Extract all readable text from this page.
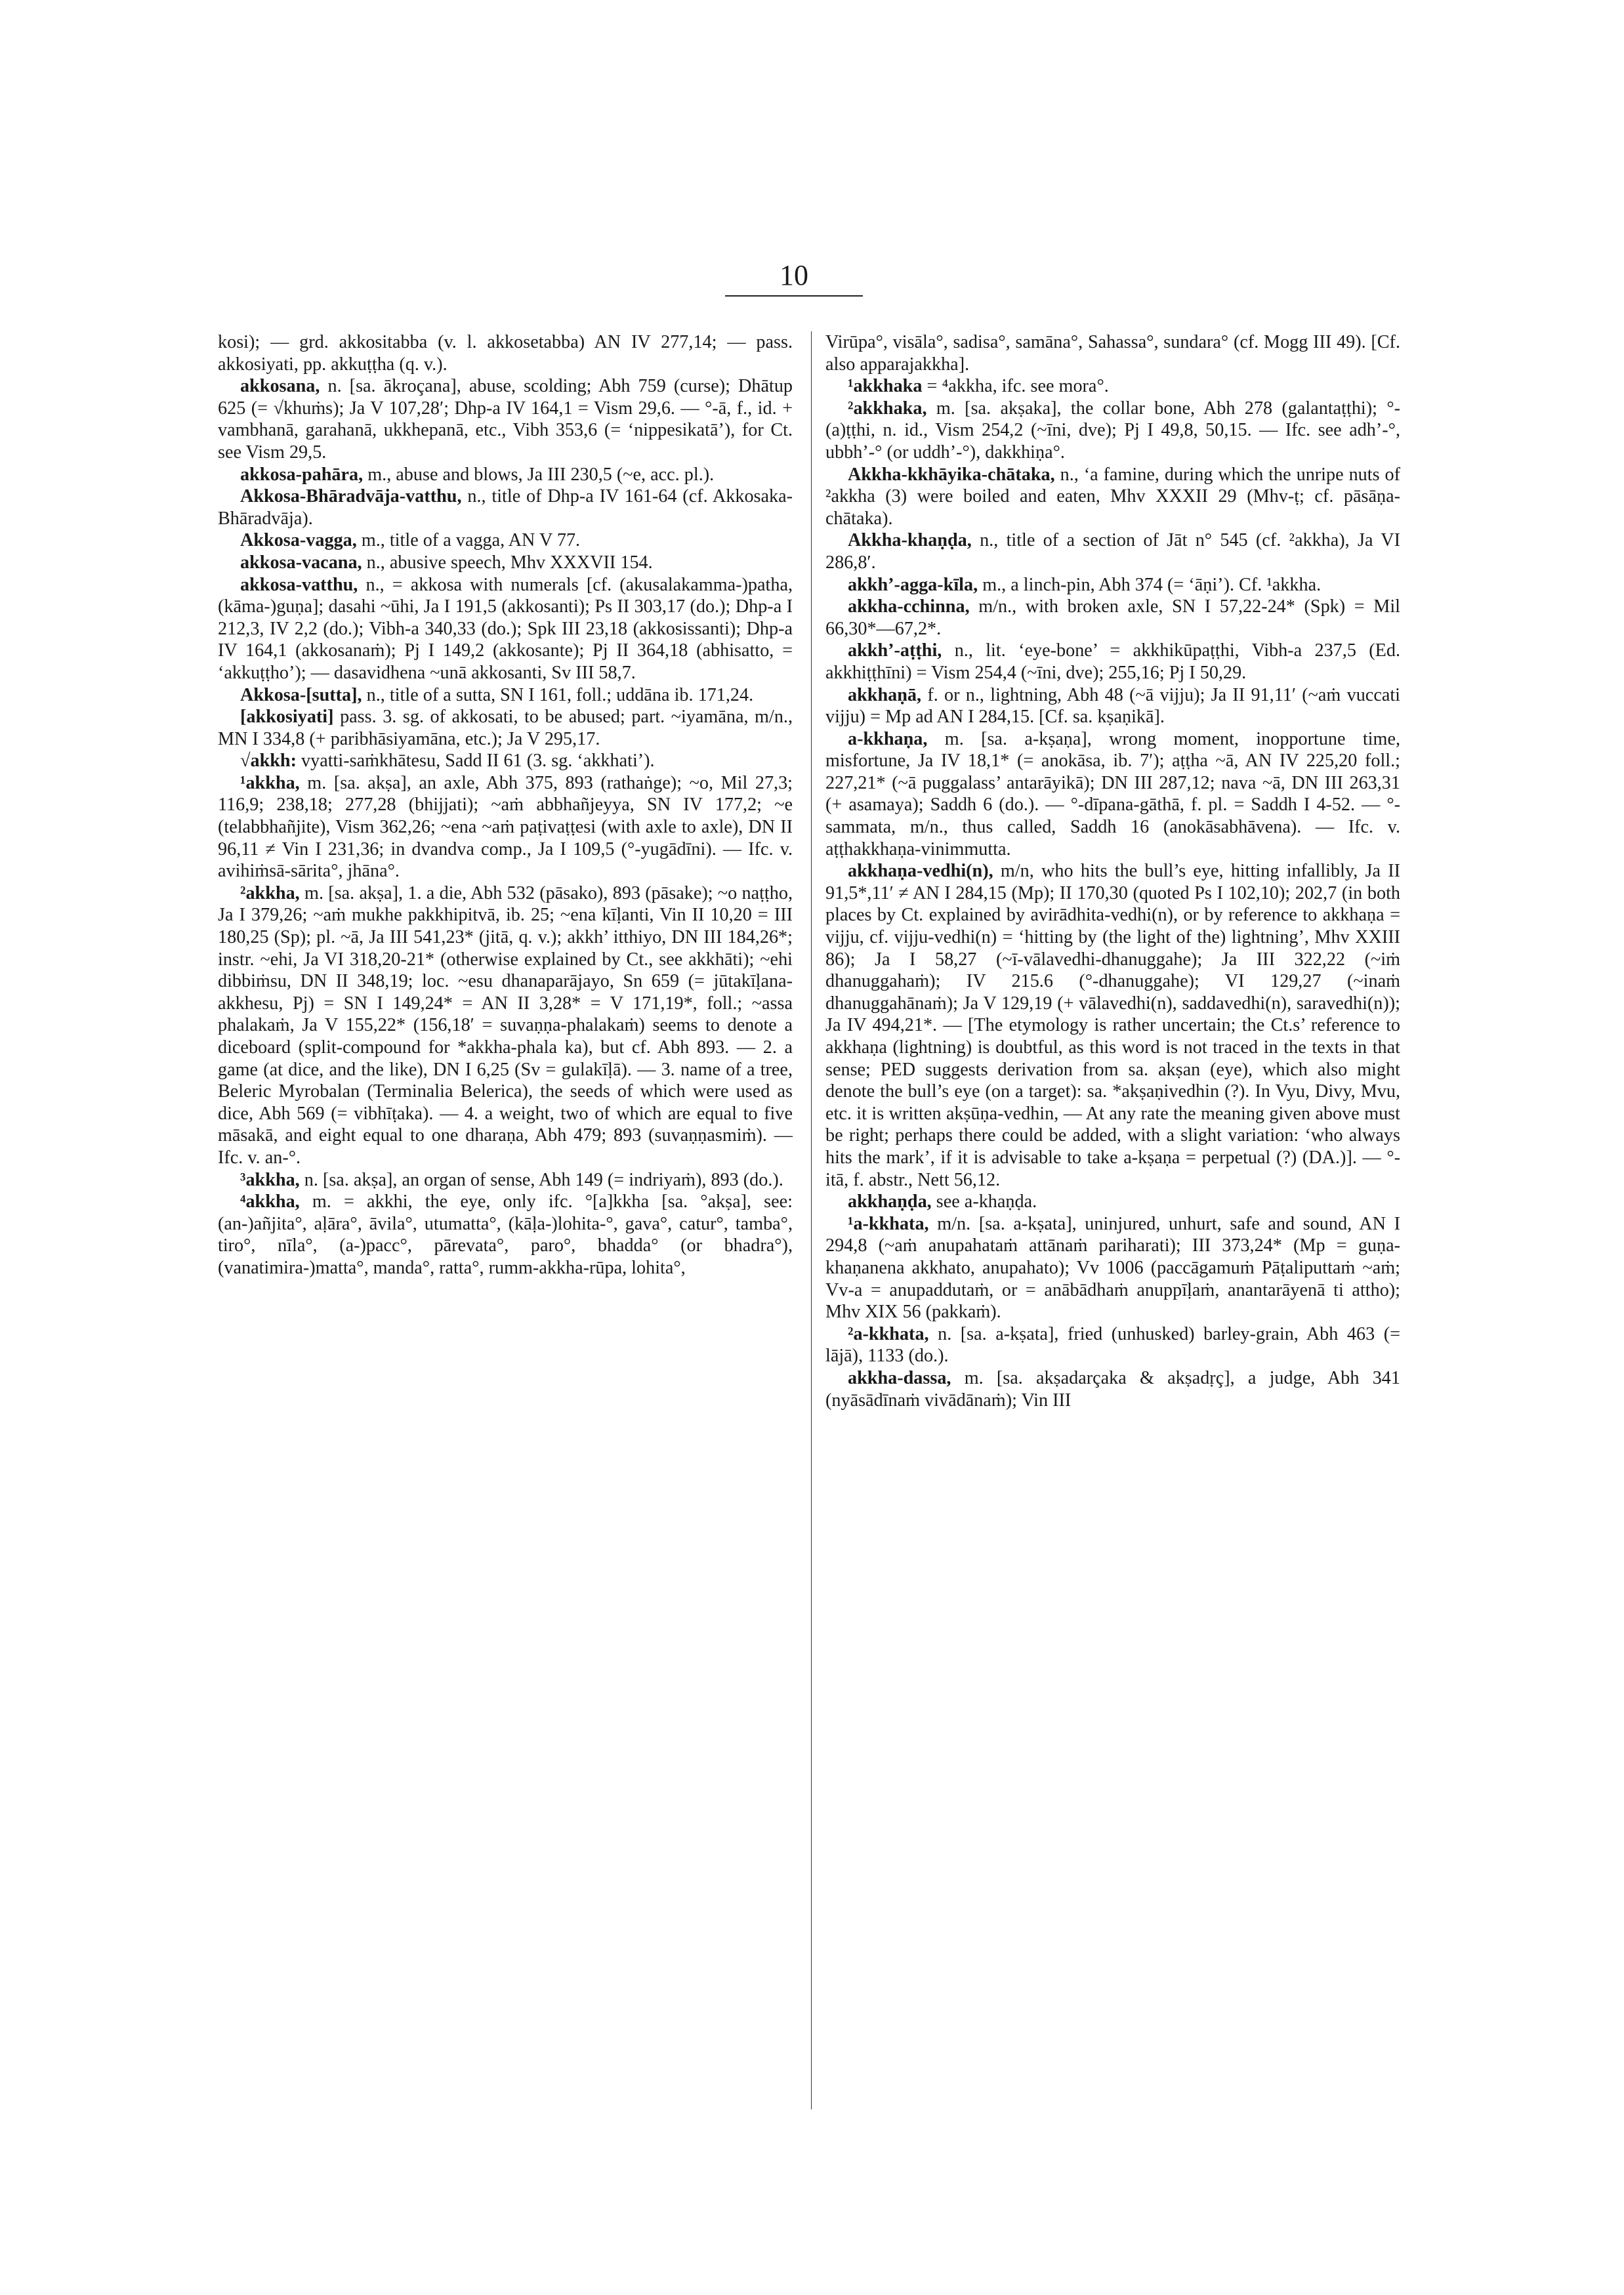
10

kosi); — grd. akkositabba (v. l. akkosetabba) AN IV 277,14; — pass. akkosiyati, pp. akkuṭṭha (q. v.).

akkosana, n. [sa. ākroçana], abuse, scolding; Abh 759 (curse); Dhātup 625 (= √khuṁs); Ja V 107,28′; Dhp-a IV 164,1 = Vism 29,6. — °-ā, f., id. + vambhanā, garahanā, ukkhepanā, etc., Vibh 353,6 (= ‘nippesikatā’), for Ct. see Vism 29,5.

akkosa-pahāra, m., abuse and blows, Ja III 230,5 (~e, acc. pl.).

Akkosa-Bhāradvāja-vatthu, n., title of Dhp-a IV 161-64 (cf. Akkosaka-Bhāradvāja).

Akkosa-vagga, m., title of a vagga, AN V 77.

akkosa-vacana, n., abusive speech, Mhv XXXVII 154.

akkosa-vatthu, n., = akkosa with numerals [cf. (akusalakamma-)patha, (kāma-)guṇa]; dasahi ~ūhi, Ja I 191,5 (akkosanti); Ps II 303,17 (do.); Dhp-a I 212,3, IV 2,2 (do.); Vibh-a 340,33 (do.); Spk III 23,18 (akkosissanti); Dhp-a IV 164,1 (akkosanaṁ); Pj I 149,2 (akkosante); Pj II 364,18 (abhisatto, = ‘akkuṭṭho’); — dasavidhena ~unā akkosanti, Sv III 58,7.

Akkosa-[sutta], n., title of a sutta, SN I 161, foll.; uddāna ib. 171,24.

[akkosiyati] pass. 3. sg. of akkosati, to be abused; part. ~iyamāna, m/n., MN I 334,8 (+ paribhāsiyamāna, etc.); Ja V 295,17.

√akkh: vyatti-saṁkhātesu, Sadd II 61 (3. sg. ‘akkhati’).

¹akkha, m. [sa. akṣa], an axle, Abh 375, 893 (rathaṅge); ~o, Mil 27,3; 116,9; 238,18; 277,28 (bhijjati); ~aṁ abbhañjeyya, SN IV 177,2; ~e (telabbhañjite), Vism 362,26; ~ena ~aṁ paṭivaṭṭesi (with axle to axle), DN II 96,11 ≠ Vin I 231,36; in dvandva comp., Ja I 109,5 (°-yugādīni). — Ifc. v. avihiṁsā-sārita°, jhāna°.

²akkha, m. [sa. akṣa], 1. a die, Abh 532 (pāsako), 893 (pāsake); ~o naṭṭho, Ja I 379,26; ~aṁ mukhe pakkhipitvā, ib. 25; ~ena kīḷanti, Vin II 10,20 = III 180,25 (Sp); pl. ~ā, Ja III 541,23* (jitā, q. v.); akkh’ itthiyo, DN III 184,26*; instr. ~ehi, Ja VI 318,20-21* (otherwise explained by Ct., see akkhāti); ~ehi dibbiṁsu, DN II 348,19; loc. ~esu dhanaparājayo, Sn 659 (= jūtakīḷana-akkhesu, Pj) = SN I 149,24* = AN II 3,28* = V 171,19*, foll.; ~assa phalakaṁ, Ja V 155,22* (156,18′ = suvaṇṇa-phalakaṁ) seems to denote a diceboard (split-compound for *akkha-phala ka), but cf. Abh 893. — 2. a game (at dice, and the like), DN I 6,25 (Sv = gulakīḷā). — 3. name of a tree, Beleric Myrobalan (Terminalia Belerica), the seeds of which were used as dice, Abh 569 (= vibhīṭaka). — 4. a weight, two of which are equal to five māsakā, and eight equal to one dharaṇa, Abh 479; 893 (suvaṇṇasmiṁ). — Ifc. v. an-°.

³akkha, n. [sa. akṣa], an organ of sense, Abh 149 (= indriyaṁ), 893 (do.).

⁴akkha, m. = akkhi, the eye, only ifc. °[a]kkha [sa. °akṣa], see: (an-)añjita°, aḷāra°, āvila°, utumatta°, (kāḷa-)lohita-°, gava°, catur°, tamba°, tiro°, nīla°, (a-)pacc°, pārevata°, paro°, bhadda° (or bhadra°), (vanatimira-)matta°, manda°, ratta°, rumm-akkha-rūpa, lohita°,

Virūpa°, visāla°, sadisa°, samāna°, Sahassa°, sundara° (cf. Mogg III 49). [Cf. also apparajakkha].

¹akkhaka = ⁴akkha, ifc. see mora°.

²akkhaka, m. [sa. akṣaka], the collar bone, Abh 278 (galantaṭṭhi); °-(a)ṭṭhi, n. id., Vism 254,2 (~īni, dve); Pj I 49,8, 50,15. — Ifc. see adh’-°, ubbh’-° (or uddh’-°), dakkhiṇa°.

Akkha-kkhāyika-chātaka, n., ‘a famine, during which the unripe nuts of ²akkha (3) were boiled and eaten, Mhv XXXII 29 (Mhv-ṭ; cf. pāsāṇa-chātaka).

Akkha-khaṇḍa, n., title of a section of Jāt n° 545 (cf. ²akkha), Ja VI 286,8′.

akkh’-agga-kīla, m., a linch-pin, Abh 374 (= ‘āṇi’). Cf. ¹akkha.

akkha-cchinna, m/n., with broken axle, SN I 57,22-24* (Spk) = Mil 66,30*—67,2*.

akkh’-aṭṭhi, n., lit. ‘eye-bone’ = akkhikūpaṭṭhi, Vibh-a 237,5 (Ed. akkhiṭṭhīni) = Vism 254,4 (~īni, dve); 255,16; Pj I 50,29.

akkhaṇā, f. or n., lightning, Abh 48 (~ā vijju); Ja II 91,11′ (~aṁ vuccati vijju) = Mp ad AN I 284,15. [Cf. sa. kṣaṇikā].

a-kkhaṇa, m. [sa. a-kṣaṇa], wrong moment, inopportune time, misfortune, Ja IV 18,1* (= anokāsa, ib. 7′); aṭṭha ~ā, AN IV 225,20 foll.; 227,21* (~ā puggalass’ antarāyikā); DN III 287,12; nava ~ā, DN III 263,31 (+ asamaya); Saddh 6 (do.). — °-dīpana-gāthā, f. pl. = Saddh I 4-52. — °-sammata, m/n., thus called, Saddh 16 (anokāsabhāvena). — Ifc. v. aṭṭhakkhaṇa-vinimmutta.

akkhaṇa-vedhi(n), m/n, who hits the bull’s eye, hitting infallibly, Ja II 91,5*,11′ ≠ AN I 284,15 (Mp); II 170,30 (quoted Ps I 102,10); 202,7 (in both places by Ct. explained by avirādhita-vedhi(n), or by reference to akkhaṇa = vijju, cf. vijju-vedhi(n) = ‘hitting by (the light of the) lightning’, Mhv XXIII 86); Ja I 58,27 (~ī-vālavedhi-dhanuggahe); Ja III 322,22 (~iṁ dhanuggahaṁ); IV 215.6 (°-dhanuggahe); VI 129,27 (~inaṁ dhanuggahānaṁ); Ja V 129,19 (+ vālavedhi(n), saddavedhi(n), saravedhi(n)); Ja IV 494,21*. — [The etymology is rather uncertain; the Ct.s’ reference to akkhaṇa (lightning) is doubtful, as this word is not traced in the texts in that sense; PED suggests derivation from sa. akṣan (eye), which also might denote the bull’s eye (on a target): sa. *akṣaṇivedhin (?). In Vyu, Divy, Mvu, etc. it is written akṣūṇa-vedhin, — At any rate the meaning given above must be right; perhaps there could be added, with a slight variation: ‘who always hits the mark’, if it is advisable to take a-kṣaṇa = perpetual (?) (DA.)]. — °-itā, f. abstr., Nett 56,12.

akkhaṇḍa, see a-khaṇḍa.

¹a-kkhata, m/n. [sa. a-kṣata], uninjured, unhurt, safe and sound, AN I 294,8 (~aṁ anupahataṁ attānaṁ pariharati); III 373,24* (Mp = guṇa-khaṇanena akkhato, anupahato); Vv 1006 (paccāgamuṁ Pāṭaliputtaṁ ~aṁ; Vv-a = anupaddutaṁ, or = anābādhaṁ anuppīḷaṁ, anantarāyenā ti attho); Mhv XIX 56 (pakkaṁ).

²a-kkhata, n. [sa. a-kṣata], fried (unhusked) barley-grain, Abh 463 (= lājā), 1133 (do.).

akkha-dassa, m. [sa. akṣadarçaka & akṣadṛç], a judge, Abh 341 (nyāsādīnaṁ vivādānaṁ); Vin III
